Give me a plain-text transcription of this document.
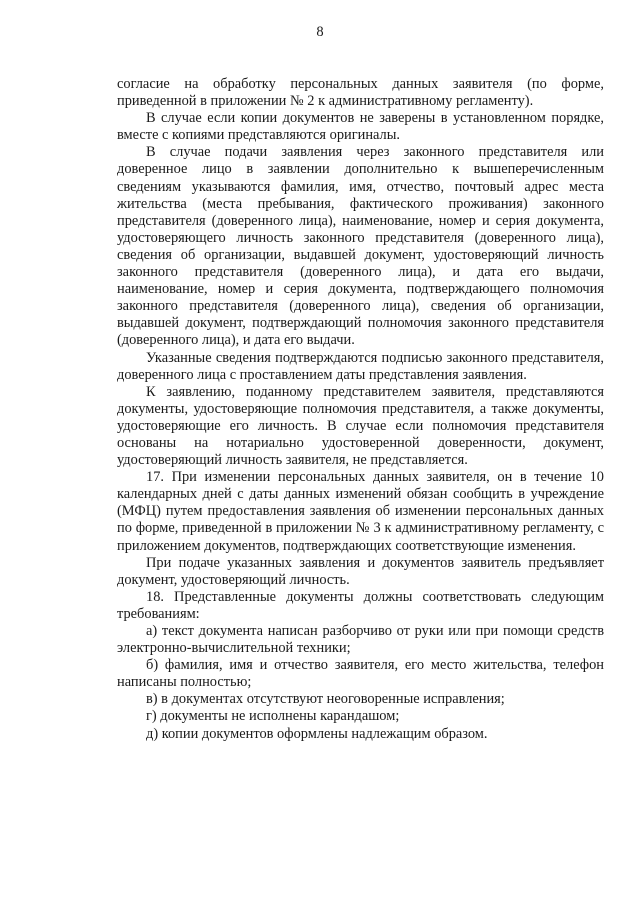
8

согласие на обработку персональных данных заявителя (по форме, приведенной в приложении № 2 к административному регламенту).

В случае если копии документов не заверены в установленном порядке, вместе с копиями представляются оригиналы.

В случае подачи заявления через законного представителя или доверенное лицо в заявлении дополнительно к вышеперечисленным сведениям указываются фамилия, имя, отчество, почтовый адрес места жительства (места пребывания, фактического проживания) законного представителя (доверенного лица), наименование, номер и серия документа, удостоверяющего личность законного представителя (доверенного лица), сведения об организации, выдавшей документ, удостоверяющий личность законного представителя (доверенного лица), и дата его выдачи, наименование, номер и серия документа, подтверждающего полномочия законного представителя (доверенного лица), сведения об организации, выдавшей документ, подтверждающий полномочия законного представителя (доверенного лица), и дата его выдачи.

Указанные сведения подтверждаются подписью законного представителя, доверенного лица с проставлением даты представления заявления.

К заявлению, поданному представителем заявителя, представляются документы, удостоверяющие полномочия представителя, а также документы, удостоверяющие его личность. В случае если полномочия представителя основаны на нотариально удостоверенной доверенности, документ, удостоверяющий личность заявителя, не представляется.

17. При изменении персональных данных заявителя, он в течение 10 календарных дней с даты данных изменений обязан сообщить в учреждение (МФЦ) путем предоставления заявления об изменении персональных данных по форме, приведенной в приложении № 3 к административному регламенту, с приложением документов, подтверждающих соответствующие изменения.

При подаче указанных заявления и документов заявитель предъявляет документ, удостоверяющий личность.

18. Представленные документы должны соответствовать следующим требованиям:

а) текст документа написан разборчиво от руки или при помощи средств электронно-вычислительной техники;

б) фамилия, имя и отчество заявителя, его место жительства, телефон написаны полностью;

в) в документах отсутствуют неоговоренные исправления;

г) документы не исполнены карандашом;

д) копии документов оформлены надлежащим образом.
